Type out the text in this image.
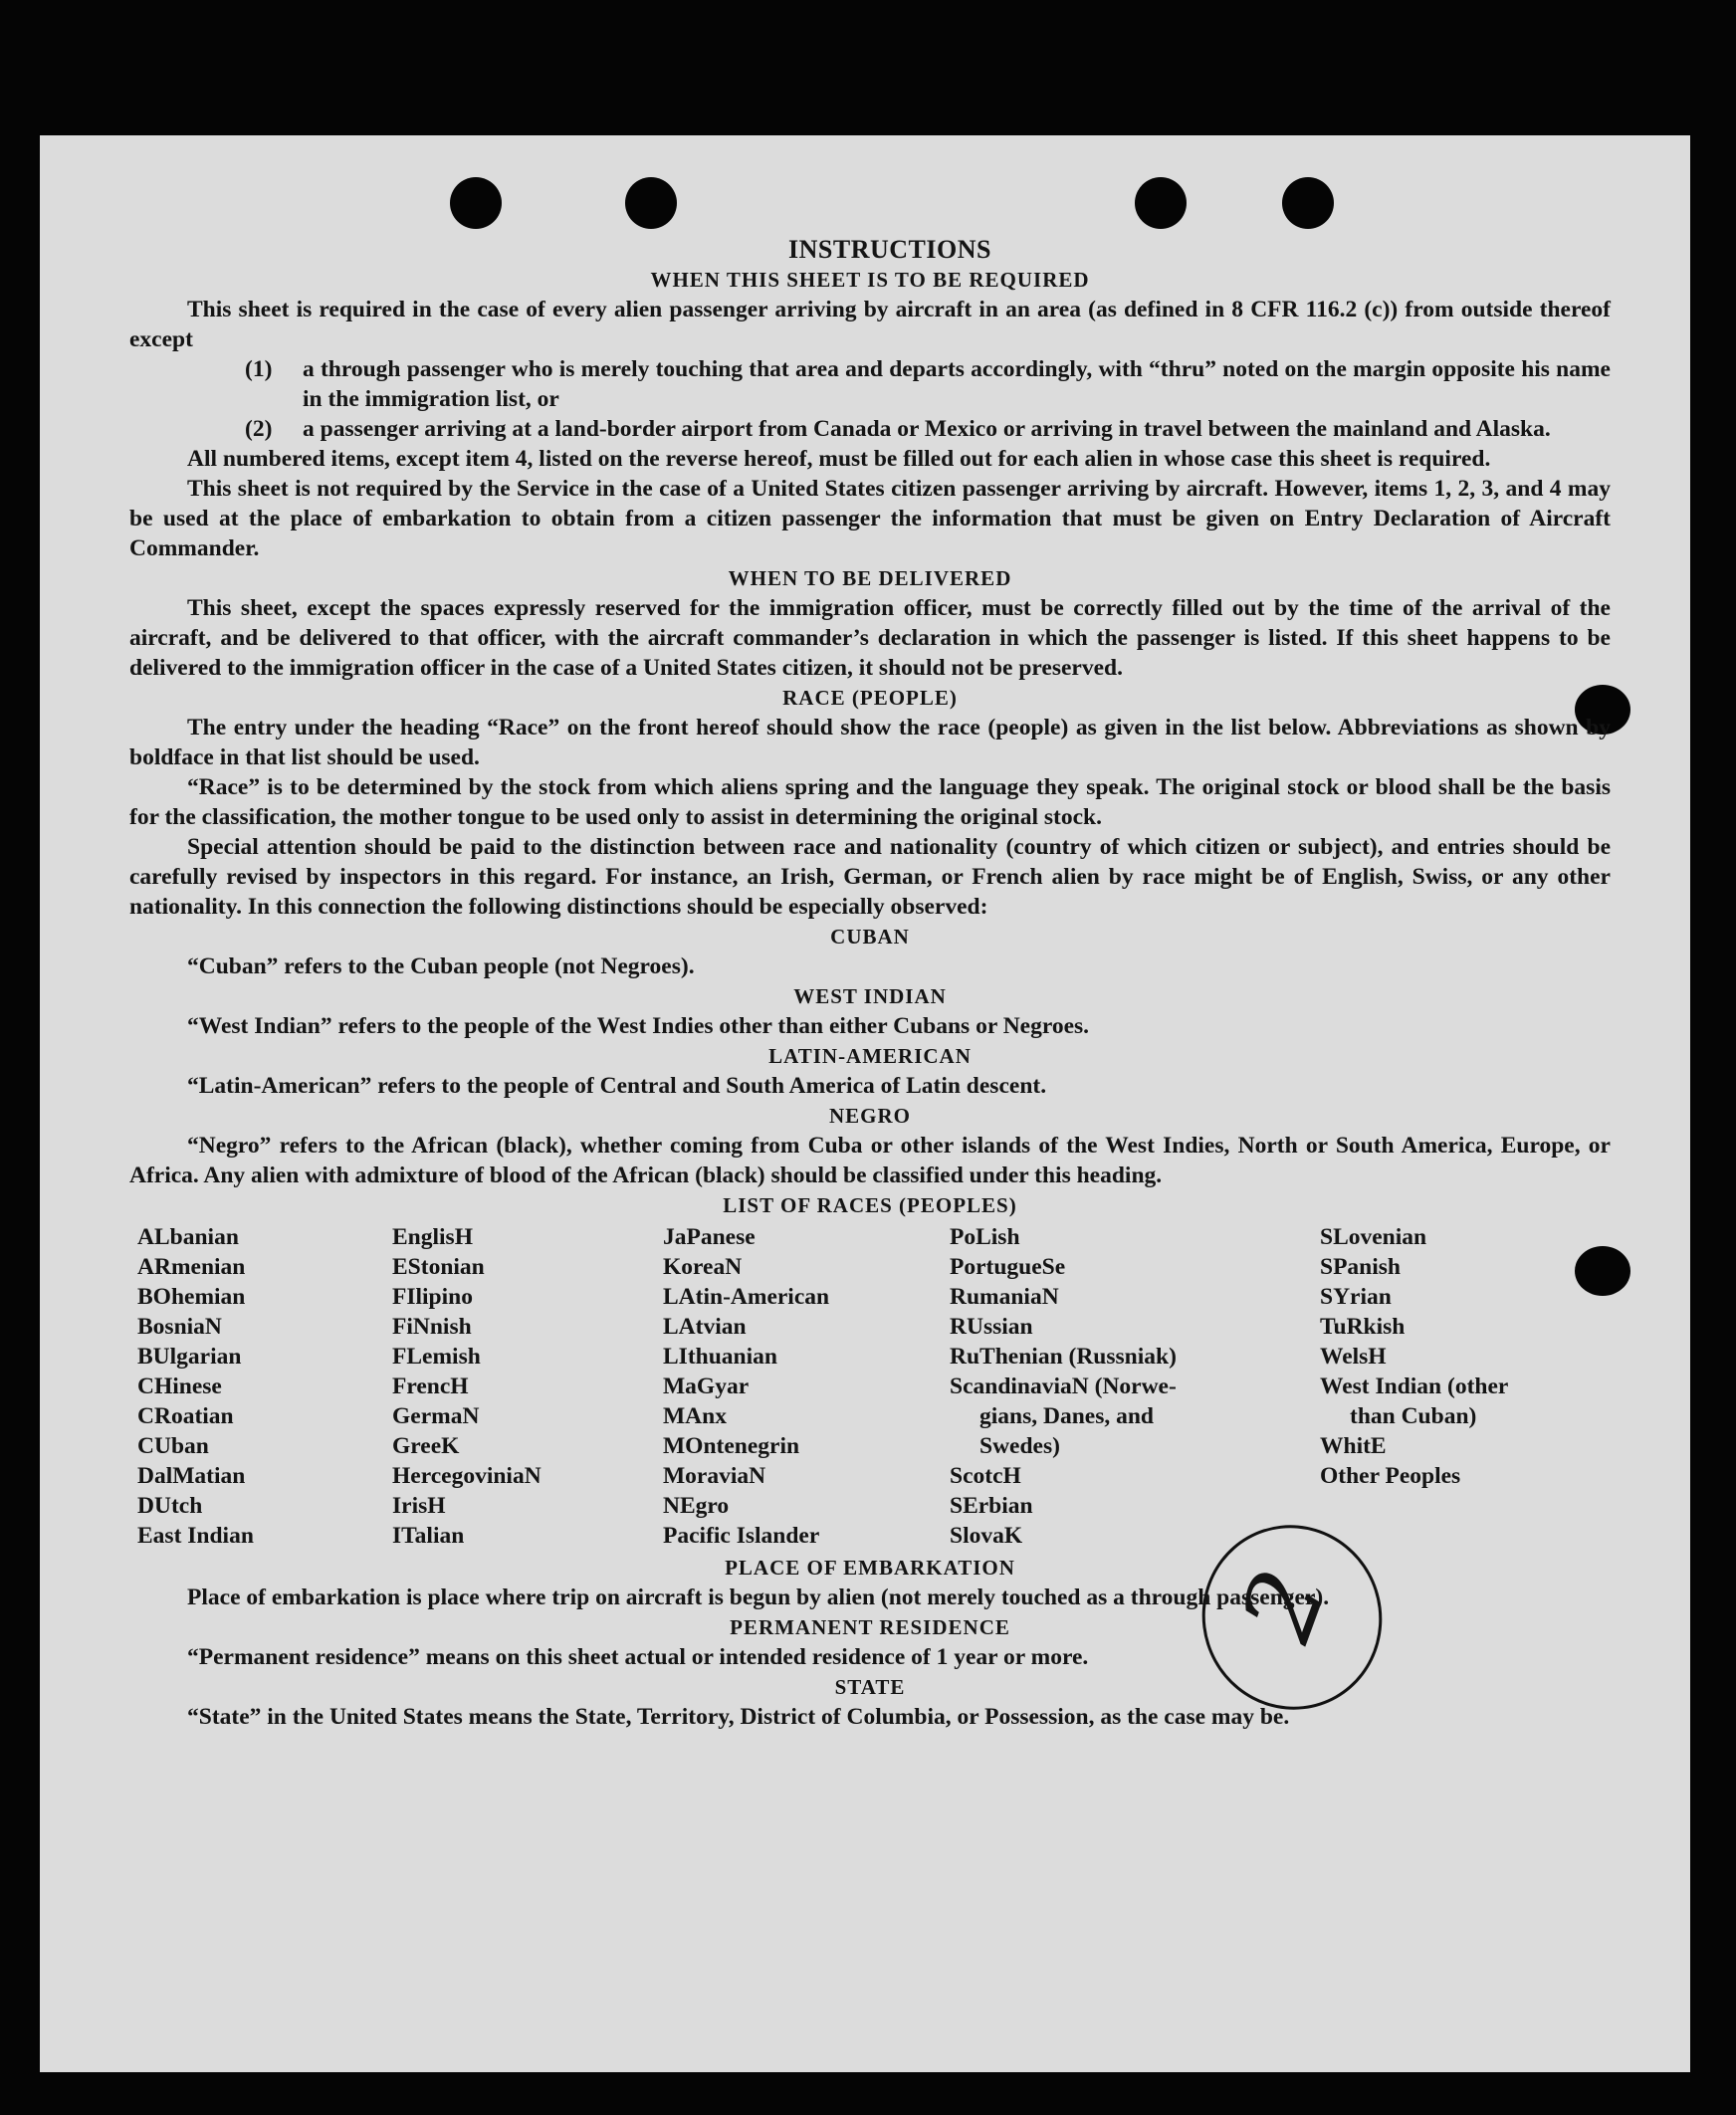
2
INSTRUCTIONS
WHEN THIS SHEET IS TO BE REQUIRED

This sheet is required in the case of every alien passenger arriving by aircraft in an area (as defined in 8 CFR 116.2 (c)) from outside thereof except

(1)	a through passenger who is merely touching that area and departs accordingly, with “thru” noted on the margin opposite his name in the immigration list, or
(2)	a passenger arriving at a land-border airport from Canada or Mexico or arriving in travel between the mainland and Alaska.

All numbered items, except item 4, listed on the reverse hereof, must be filled out for each alien in whose case this sheet is required.

This sheet is not required by the Service in the case of a United States citizen passenger arriving by aircraft. However, items 1, 2, 3, and 4 may be used at the place of embarkation to obtain from a citizen passenger the information that must be given on Entry Declaration of Aircraft Commander.

WHEN TO BE DELIVERED

This sheet, except the spaces expressly reserved for the immigration officer, must be correctly filled out by the time of the arrival of the aircraft, and be delivered to that officer, with the aircraft commander’s declaration in which the passenger is listed. If this sheet happens to be delivered to the immigration officer in the case of a United States citizen, it should not be preserved.

RACE (PEOPLE)

The entry under the heading “Race” on the front hereof should show the race (people) as given in the list below. Abbreviations as shown by boldface in that list should be used.

“Race” is to be determined by the stock from which aliens spring and the language they speak. The original stock or blood shall be the basis for the classification, the mother tongue to be used only to assist in determining the original stock.

Special attention should be paid to the distinction between race and nationality (country of which citizen or subject), and entries should be carefully revised by inspectors in this regard. For instance, an Irish, German, or French alien by race might be of English, Swiss, or any other nationality. In this connection the following distinctions should be especially observed:

CUBAN

“Cuban” refers to the Cuban people (not Negroes).

WEST INDIAN

“West Indian” refers to the people of the West Indies other than either Cubans or Negroes.

LATIN-AMERICAN

“Latin-American” refers to the people of Central and South America of Latin descent.

NEGRO

“Negro” refers to the African (black), whether coming from Cuba or other islands of the West Indies, North or South America, Europe, or Africa. Any alien with admixture of blood of the African (black) should be classified under this heading.

LIST OF RACES (PEOPLES)
ALbanian
ARmenian
BOhemian
BosniaN
BUlgarian
CHinese
CRoatian
CUban
DalMatian
DUtch
East Indian
EnglisH
EStonian
FIlipino
FiNnish
FLemish
FrencH
GermaN
GreeK
HercegoviniaN
IrisH
ITalian
JaPanese
KoreaN
LAtin-American
LAtvian
LIthuanian
MaGyar
MAnx
MOntenegrin
MoraviaN
NEgro
Pacific Islander
PoLish
PortugueSe
RumaniaN
RUssian
RuThenian (Russniak)
ScandinaviaN (Norwe-
gians, Danes, and
Swedes)
ScotcH
SErbian
SlovaK
SLovenian
SPanish
SYrian
TuRkish
WelsH
West Indian (other
than Cuban)
WhitE
Other Peoples
PLACE OF EMBARKATION

Place of embarkation is place where trip on aircraft is begun by alien (not merely touched as a through passenger).

PERMANENT RESIDENCE

“Permanent residence” means on this sheet actual or intended residence of 1 year or more.

STATE

“State” in the United States means the State, Territory, District of Columbia, or Possession, as the case may be.
